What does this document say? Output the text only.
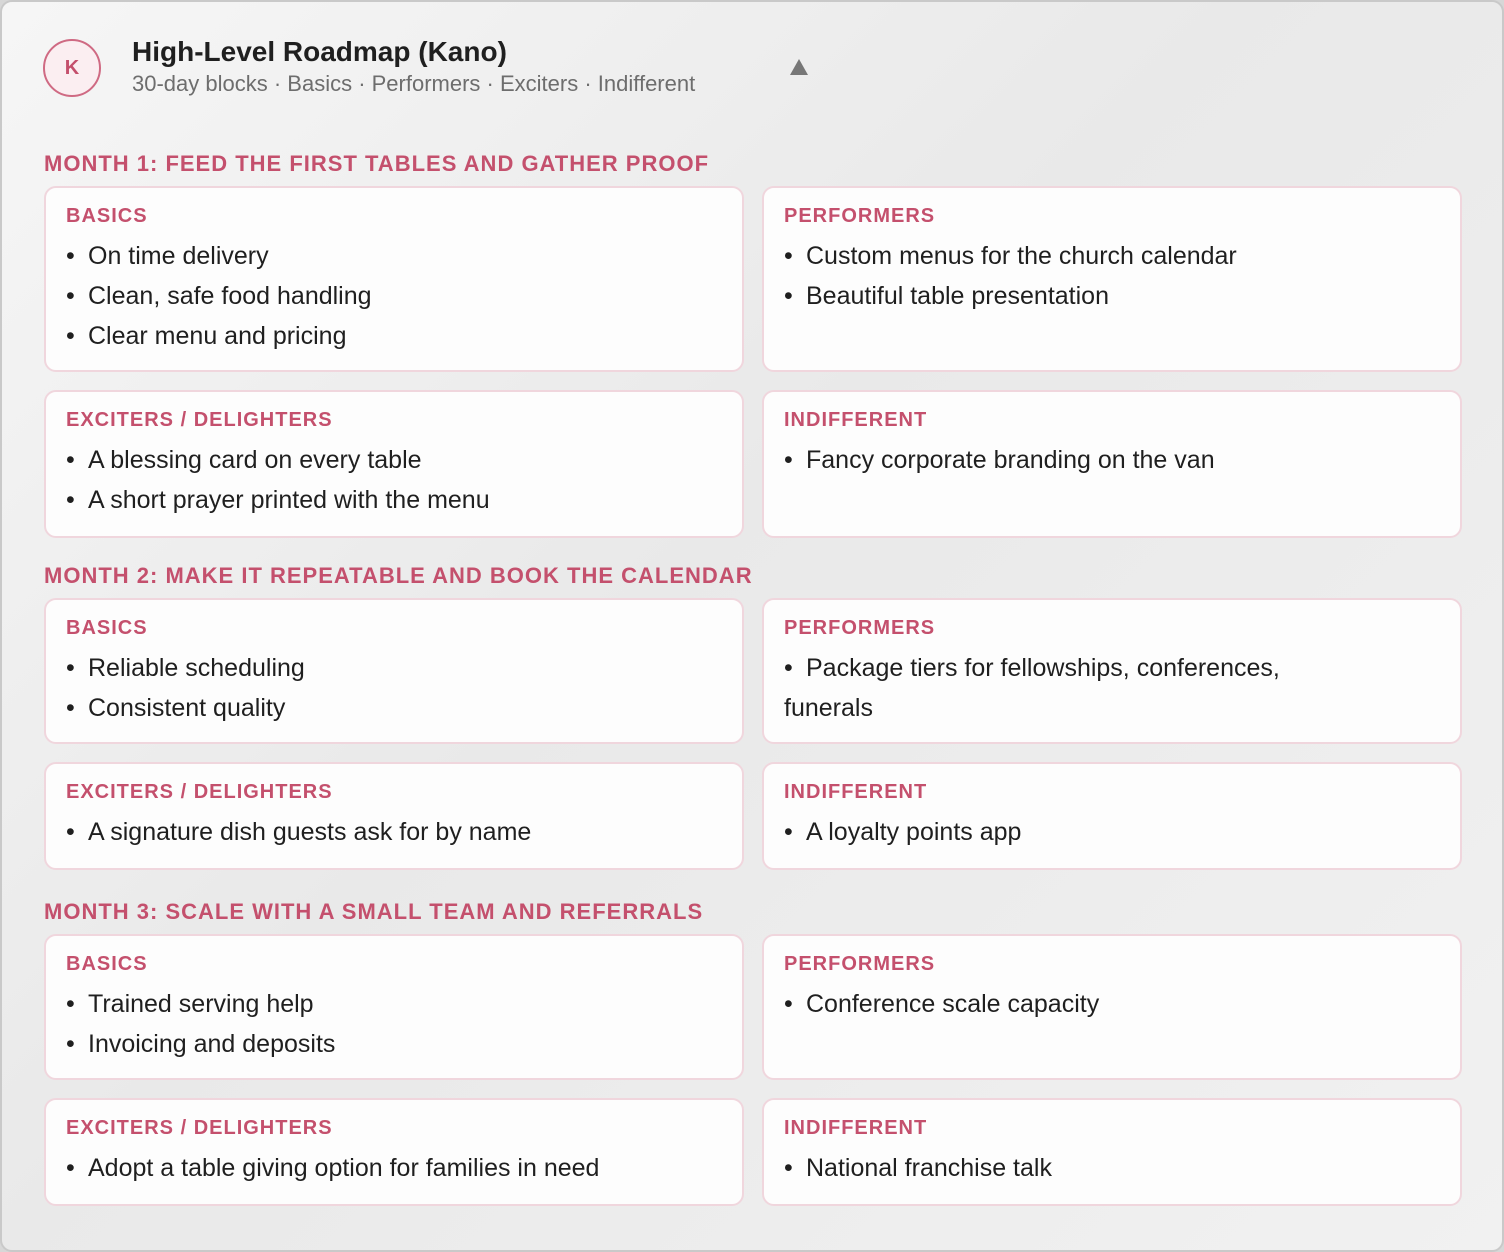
K
High-Level Roadmap (Kano)
30-day blocks · Basics · Performers · Exciters · Indifferent
MONTH 1: FEED THE FIRST TABLES AND GATHER PROOF
BASICS
• On time delivery
• Clean, safe food handling
• Clear menu and pricing
PERFORMERS
• Custom menus for the church calendar
• Beautiful table presentation
EXCITERS / DELIGHTERS
• A blessing card on every table
• A short prayer printed with the menu
INDIFFERENT
• Fancy corporate branding on the van
MONTH 2: MAKE IT REPEATABLE AND BOOK THE CALENDAR
BASICS
• Reliable scheduling
• Consistent quality
PERFORMERS
• Package tiers for fellowships, conferences, funerals
EXCITERS / DELIGHTERS
• A signature dish guests ask for by name
INDIFFERENT
• A loyalty points app
MONTH 3: SCALE WITH A SMALL TEAM AND REFERRALS
BASICS
• Trained serving help
• Invoicing and deposits
PERFORMERS
• Conference scale capacity
EXCITERS / DELIGHTERS
• Adopt a table giving option for families in need
INDIFFERENT
• National franchise talk
